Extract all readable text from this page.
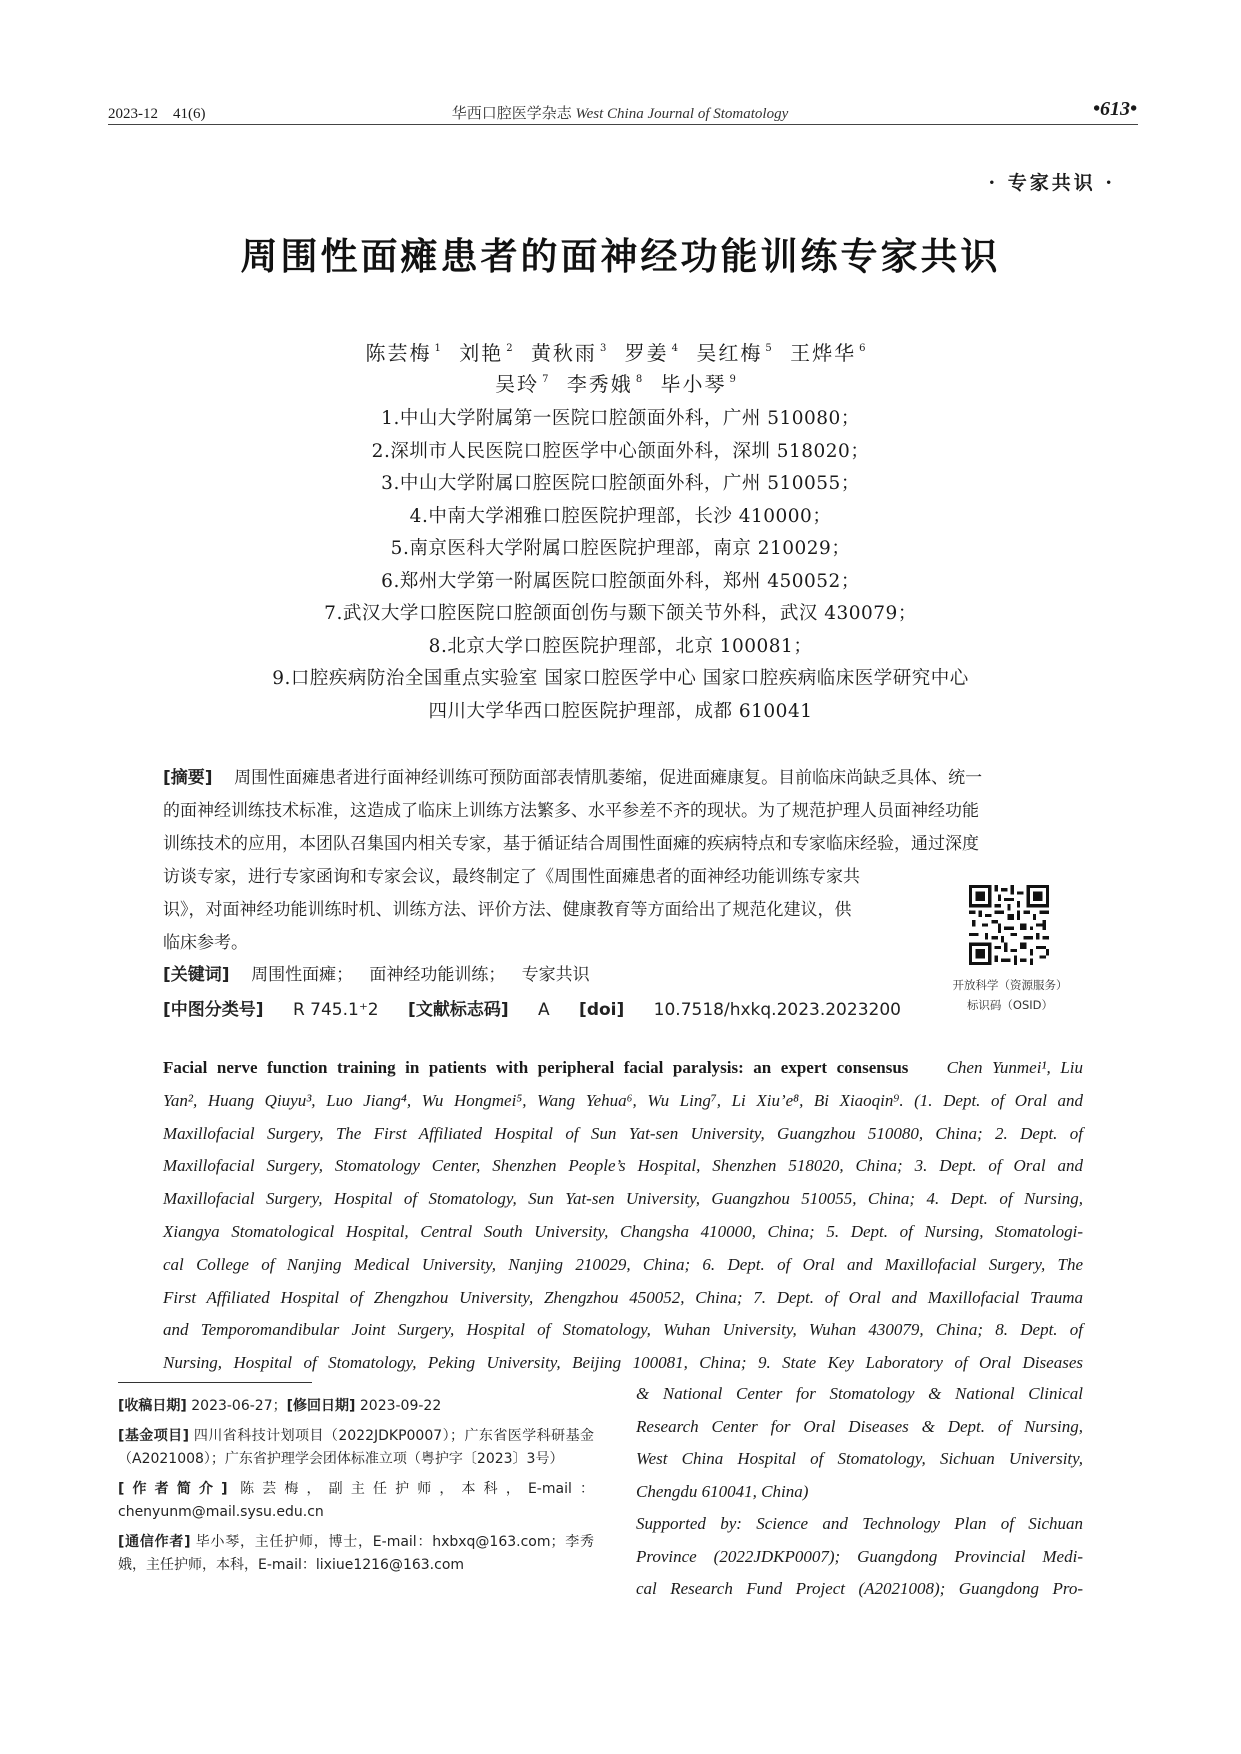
2023-12　41(6)	华西口腔医学杂志 West China Journal of Stomatology	•613•
· 专家共识 ·
周围性面瘫患者的面神经功能训练专家共识
陈芸梅 $^1$ 刘艳 $^2$ 黄秋雨 $^3$ 罗姜 $^4$ 吴红梅 $^5$ 王烨华 $^6$
吴玲 $^7$ 李秀娥 $^8$ 毕小琴 $^9$
1.中山大学附属第一医院口腔颌面外科，广州 510080；
2.深圳市人民医院口腔医学中心颌面外科，深圳 518020；
3.中山大学附属口腔医院口腔颌面外科，广州 510055；
4.中南大学湘雅口腔医院护理部，长沙 410000；
5.南京医科大学附属口腔医院护理部，南京 210029；
6.郑州大学第一附属医院口腔颌面外科，郑州 450052；
7.武汉大学口腔医院口腔颌面创伤与颞下颌关节外科，武汉 430079；
8.北京大学口腔医院护理部，北京 100081；
9.口腔疾病防治全国重点实验室 国家口腔医学中心 国家口腔疾病临床医学研究中心
四川大学华西口腔医院护理部，成都 610041
[摘要] 周围性面瘫患者进行面神经训练可预防面部表情肌萎缩，促进面瘫康复。目前临床尚缺乏具体、统一
的面神经训练技术标准，这造成了临床上训练方法繁多、水平参差不齐的现状。为了规范护理人员面神经功能
训练技术的应用，本团队召集国内相关专家，基于循证结合周围性面瘫的疾病特点和专家临床经验，通过深度
访谈专家，进行专家函询和专家会议，最终制定了《周围性面瘫患者的面神经功能训练专家共
识》，对面神经功能训练时机、训练方法、评价方法、健康教育等方面给出了规范化建议，供
临床参考。
[关键词] 周围性面瘫； 面神经功能训练； 专家共识
[中图分类号] R 745.1⁺2 [文献标志码] A [doi] 10.7518/hxkq.2023.2023200
开放科学（资源服务）
标识码（OSID）
Facial nerve function training in patients with peripheral facial paralysis: an expert consensus Chen Yunmei¹, Liu
Yan², Huang Qiuyu³, Luo Jiang⁴, Wu Hongmei⁵, Wang Yehua⁶, Wu Ling⁷, Li Xiu’e⁸, Bi Xiaoqin⁹. (1. Dept. of Oral and
Maxillofacial Surgery, The First Affiliated Hospital of Sun Yat-sen University, Guangzhou 510080, China; 2. Dept. of
Maxillofacial Surgery, Stomatology Center, Shenzhen People’s Hospital, Shenzhen 518020, China; 3. Dept. of Oral and
Maxillofacial Surgery, Hospital of Stomatology, Sun Yat-sen University, Guangzhou 510055, China; 4. Dept. of Nursing,
Xiangya Stomatological Hospital, Central South University, Changsha 410000, China; 5. Dept. of Nursing, Stomatologi-
cal College of Nanjing Medical University, Nanjing 210029, China; 6. Dept. of Oral and Maxillofacial Surgery, The
First Affiliated Hospital of Zhengzhou University, Zhengzhou 450052, China; 7. Dept. of Oral and Maxillofacial Trauma
and Temporomandibular Joint Surgery, Hospital of Stomatology, Wuhan University, Wuhan 430079, China; 8. Dept. of
Nursing, Hospital of Stomatology, Peking University, Beijing 100081, China; 9. State Key Laboratory of Oral Diseases
& National Center for Stomatology & National Clinical
Research Center for Oral Diseases & Dept. of Nursing,
West China Hospital of Stomatology, Sichuan University,
Chengdu 610041, China)
Supported by: Science and Technology Plan of Sichuan
Province (2022JDKP0007); Guangdong Provincial Medi-
cal Research Fund Project (A2021008); Guangdong Pro-

[收稿日期] 2023-06-27；[修回日期] 2023-09-22

[基金项目] 四川省科技计划项目（2022JDKP0007）；广东省医学科研基金（A2021008）；广东省护理学会团体标准立项（粤护字〔2023〕3号）

[作者简介] 陈芸梅，副主任护师，本科，E-mail：chenyunm@mail.sysu.edu.cn

[通信作者] 毕小琴，主任护师，博士，E-mail：hxbxq@163.com；李秀娥，主任护师，本科，E-mail：lixiue1216@163.com
